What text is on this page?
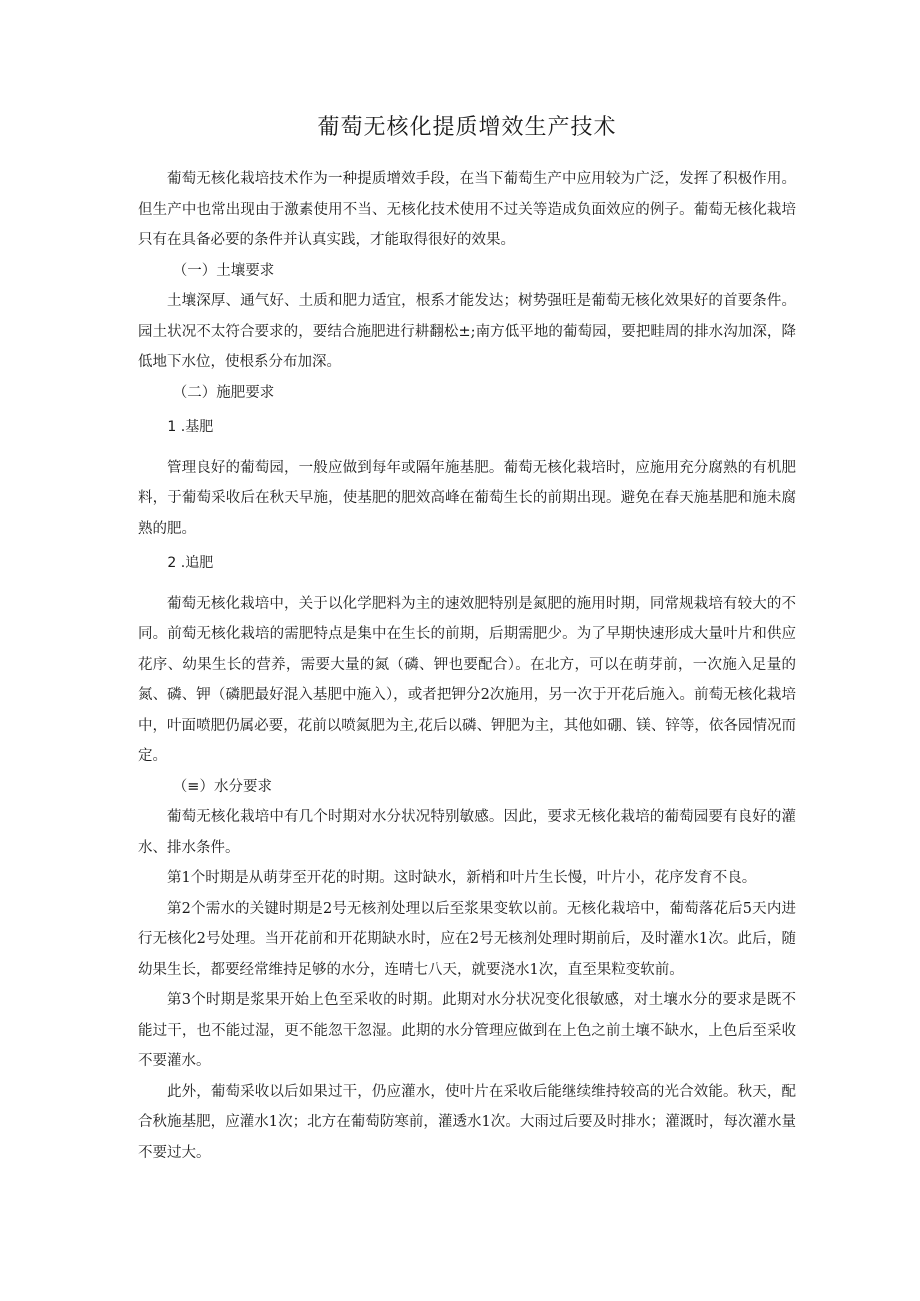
葡萄无核化提质增效生产技术

葡萄无核化栽培技术作为一种提质增效手段，在当下葡萄生产中应用较为广泛，发挥了积极作用。但生产中也常出现由于激素使用不当、无核化技术使用不过关等造成负面效应的例子。葡萄无核化栽培只有在具备必要的条件并认真实践，才能取得很好的效果。

（一）土壤要求

土壤深厚、通气好、土质和肥力适宜，根系才能发达；树势强旺是葡萄无核化效果好的首要条件。园土状况不太符合要求的，要结合施肥进行耕翻松±;南方低平地的葡萄园，要把畦周的排水沟加深，降低地下水位，使根系分布加深。

（二）施肥要求

1 .基肥

管理良好的葡萄园，一般应做到每年或隔年施基肥。葡萄无核化栽培时，应施用充分腐熟的有机肥料，于葡萄采收后在秋天早施，使基肥的肥效高峰在葡萄生长的前期出现。避免在春天施基肥和施未腐熟的肥。

2 .追肥

葡萄无核化栽培中，关于以化学肥料为主的速效肥特别是氮肥的施用时期，同常规栽培有较大的不同。前萄无核化栽培的需肥特点是集中在生长的前期，后期需肥少。为了早期快速形成大量叶片和供应花序、幼果生长的营养，需要大量的氮（磷、钾也要配合）。在北方，可以在萌芽前，一次施入足量的氮、磷、钾（磷肥最好混入基肥中施入），或者把钾分2次施用，另一次于开花后施入。前萄无核化栽培中，叶面喷肥仍属必要，花前以喷氮肥为主,花后以磷、钾肥为主，其他如硼、镁、锌等，依各园情况而定。

（≡）水分要求

葡萄无核化栽培中有几个时期对水分状况特别敏感。因此，要求无核化栽培的葡萄园要有良好的灌水、排水条件。

第1个时期是从萌芽至开花的时期。这时缺水，新梢和叶片生长慢，叶片小，花序发育不良。

第2个需水的关键时期是2号无核剂处理以后至浆果变软以前。无核化栽培中，葡萄落花后5天内进行无核化2号处理。当开花前和开花期缺水时，应在2号无核剂处理时期前后，及时灌水1次。此后，随幼果生长，都要经常维持足够的水分，连晴七八天，就要浇水1次，直至果粒变软前。

第3个时期是浆果开始上色至采收的时期。此期对水分状况变化很敏感，对土壤水分的要求是既不能过干，也不能过湿，更不能忽干忽湿。此期的水分管理应做到在上色之前土壤不缺水，上色后至采收不要灌水。

此外，葡萄采收以后如果过干，仍应灌水，使叶片在采收后能继续维持较高的光合效能。秋天，配合秋施基肥，应灌水1次；北方在葡萄防寒前，灌透水1次。大雨过后要及时排水；灌溉时，每次灌水量不要过大。
